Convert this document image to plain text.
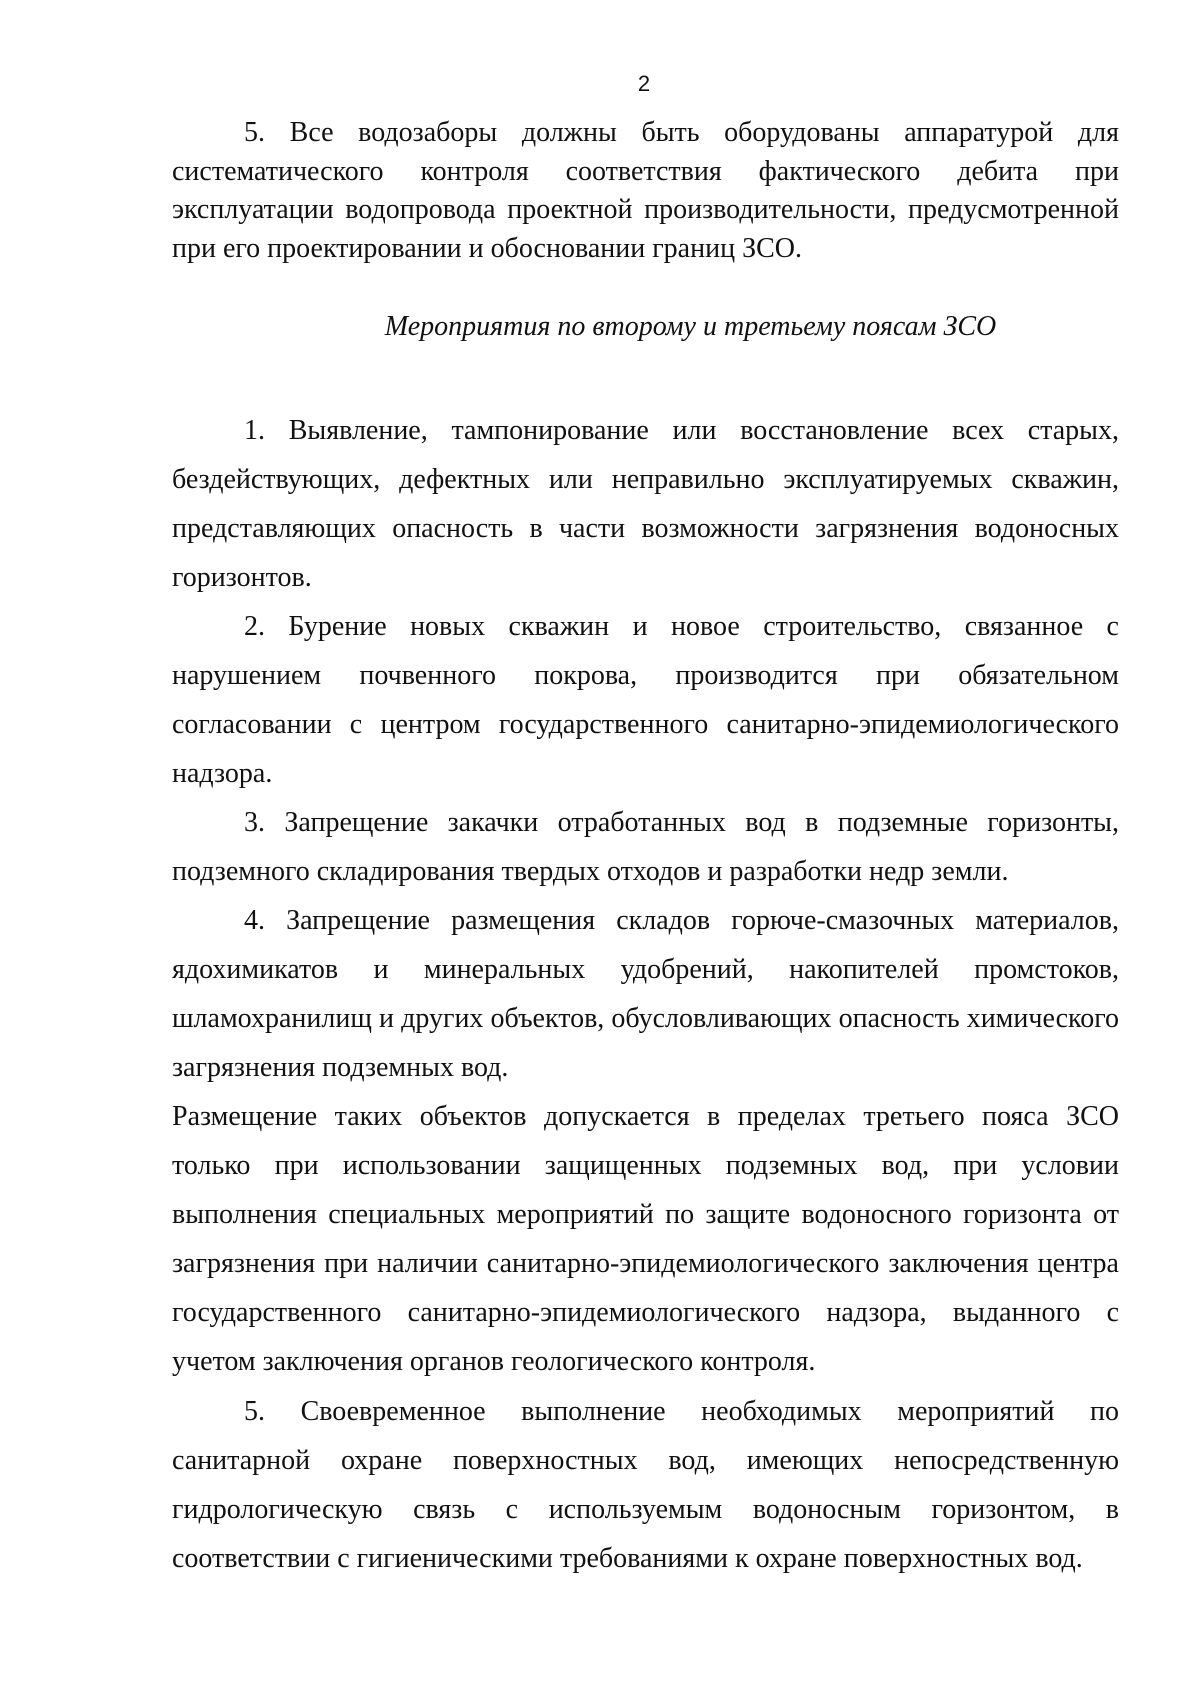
2

5. Все водозаборы должны быть оборудованы аппаратурой для систематического контроля соответствия фактического дебита при эксплуатации водопровода проектной производительности, предусмотренной при его проектировании и обосновании границ ЗСО.

Мероприятия по второму и третьему поясам ЗСО

1. Выявление, тампонирование или восстановление всех старых, бездействующих, дефектных или неправильно эксплуатируемых скважин, представляющих опасность в части возможности загрязнения водоносных горизонтов.

2. Бурение новых скважин и новое строительство, связанное с нарушением почвенного покрова, производится при обязательном согласовании с центром государственного санитарно-эпидемиологического надзора.

3. Запрещение закачки отработанных вод в подземные горизонты, подземного складирования твердых отходов и разработки недр земли.

4. Запрещение размещения складов горюче-смазочных материалов, ядохимикатов и минеральных удобрений, накопителей промстоков, шламохранилищ и других объектов, обусловливающих опасность химического загрязнения подземных вод.

Размещение таких объектов допускается в пределах третьего пояса ЗСО только при использовании защищенных подземных вод, при условии выполнения специальных мероприятий по защите водоносного горизонта от загрязнения при наличии санитарно-эпидемиологического заключения центра государственного санитарно-эпидемиологического надзора, выданного с учетом заключения органов геологического контроля.

5. Своевременное выполнение необходимых мероприятий по санитарной охране поверхностных вод, имеющих непосредственную гидрологическую связь с используемым водоносным горизонтом, в соответствии с гигиеническими требованиями к охране поверхностных вод.
